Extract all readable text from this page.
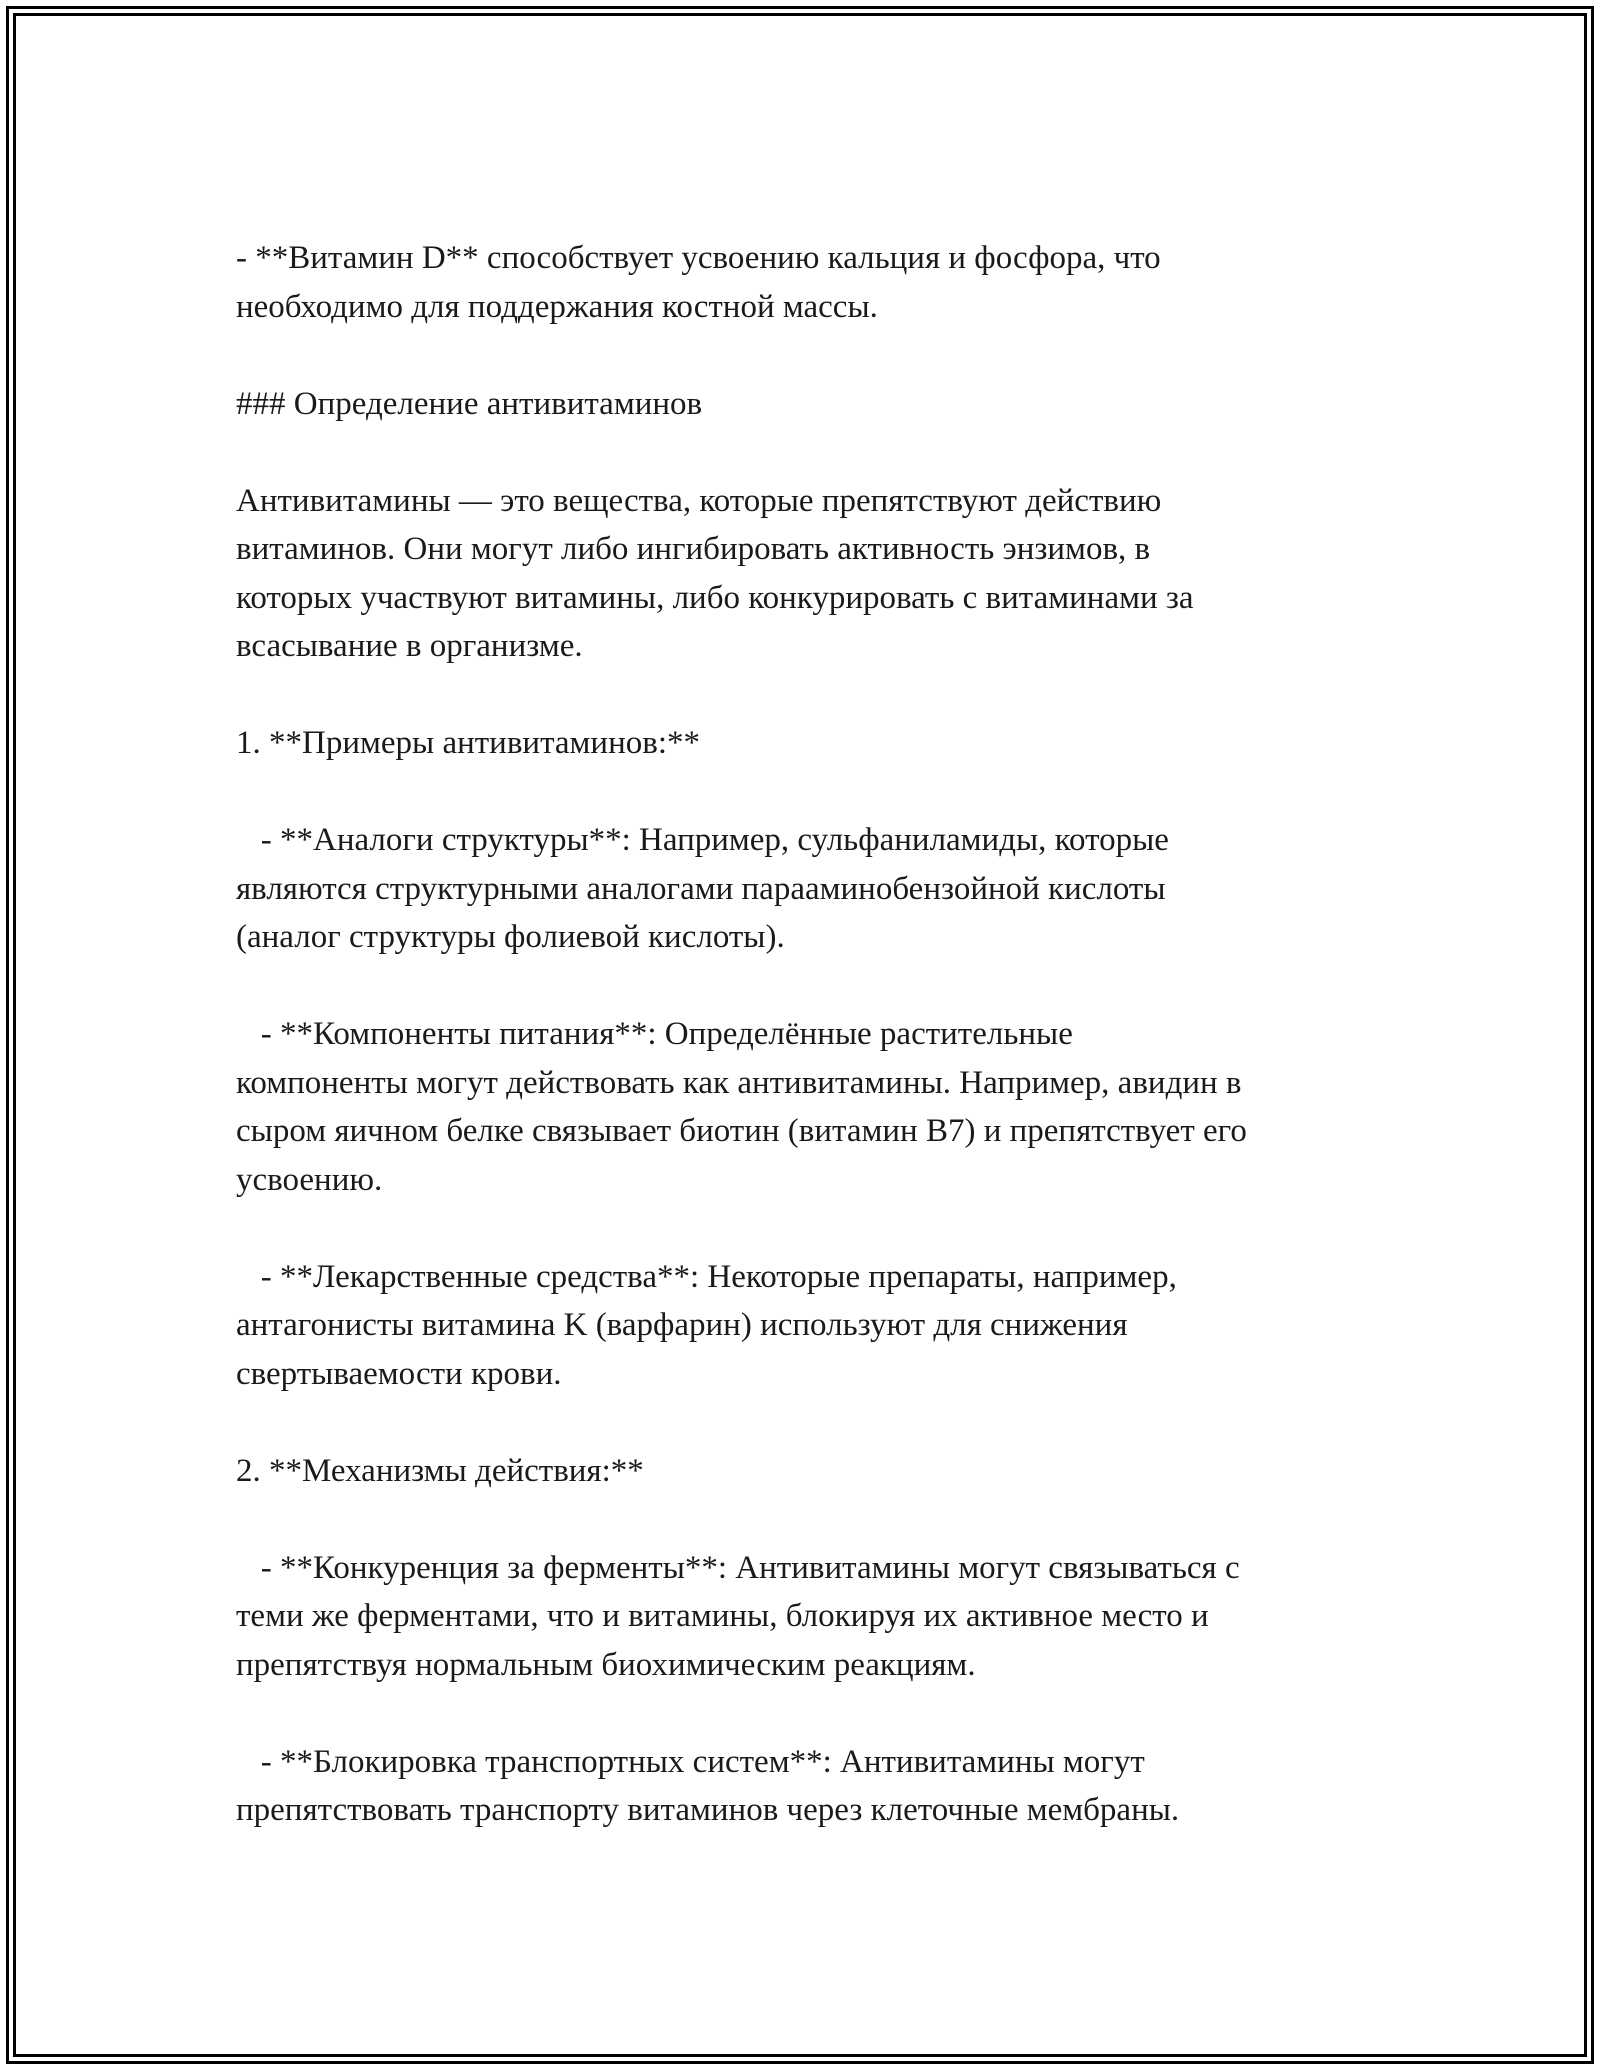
- **Витамин D** способствует усвоению кальция и фосфора, что
необходимо для поддержания костной массы.

### Определение антивитаминов

Антивитамины — это вещества, которые препятствуют действию
витаминов. Они могут либо ингибировать активность энзимов, в
которых участвуют витамины, либо конкурировать с витаминами за
всасывание в организме.

1. **Примеры антивитаминов:**

- **Аналоги структуры**: Например, сульфаниламиды, которые
являются структурными аналогами парааминобензойной кислоты
(аналог структуры фолиевой кислоты).

- **Компоненты питания**: Определённые растительные
компоненты могут действовать как антивитамины. Например, авидин в
сыром яичном белке связывает биотин (витамин B7) и препятствует его
усвоению.

- **Лекарственные средства**: Некоторые препараты, например,
антагонисты витамина K (варфарин) используют для снижения
свертываемости крови.

2. **Механизмы действия:**

- **Конкуренция за ферменты**: Антивитамины могут связываться с
теми же ферментами, что и витамины, блокируя их активное место и
препятствуя нормальным биохимическим реакциям.

- **Блокировка транспортных систем**: Антивитамины могут
препятствовать транспорту витаминов через клеточные мембраны.
